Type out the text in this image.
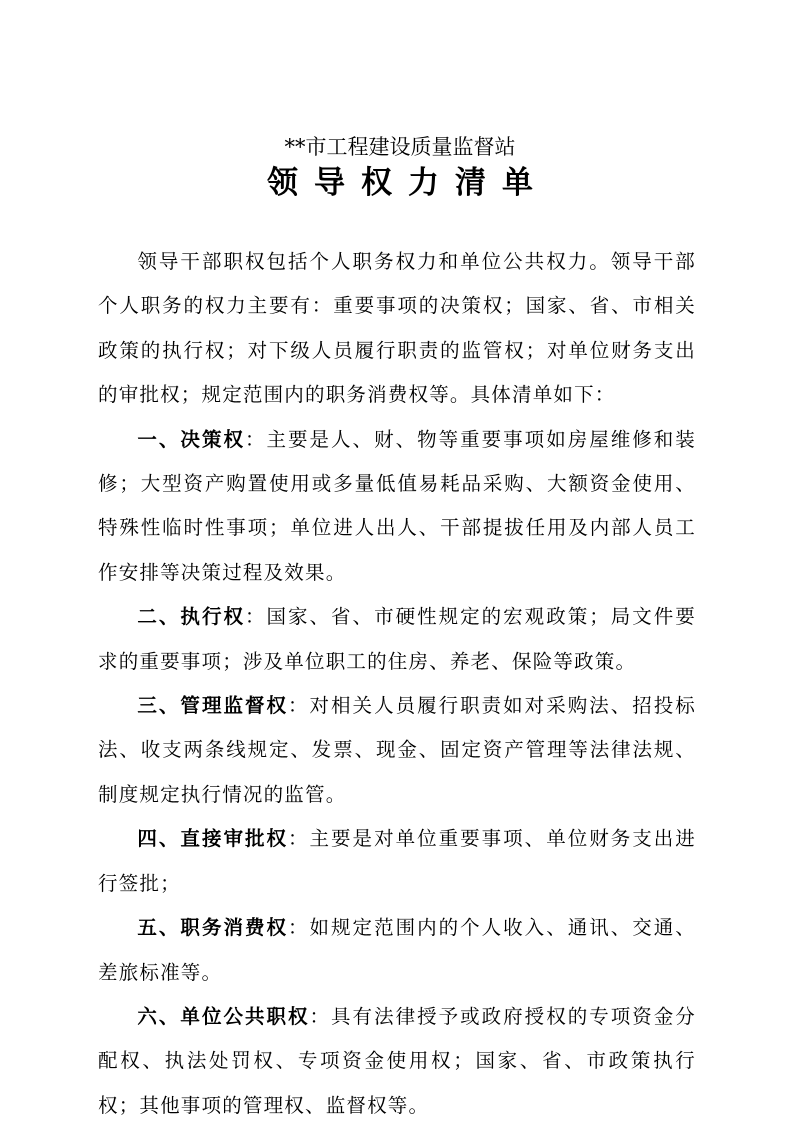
**市工程建设质量监督站
领导权力清单

领导干部职权包括个人职务权力和单位公共权力。领导干部个人职务的权力主要有：重要事项的决策权；国家、省、市相关政策的执行权；对下级人员履行职责的监管权；对单位财务支出的审批权；规定范围内的职务消费权等。具体清单如下：

一、决策权：主要是人、财、物等重要事项如房屋维修和装修；大型资产购置使用或多量低值易耗品采购、大额资金使用、特殊性临时性事项；单位进人出人、干部提拔任用及内部人员工作安排等决策过程及效果。

二、执行权：国家、省、市硬性规定的宏观政策；局文件要求的重要事项；涉及单位职工的住房、养老、保险等政策。

三、管理监督权：对相关人员履行职责如对采购法、招投标法、收支两条线规定、发票、现金、固定资产管理等法律法规、制度规定执行情况的监管。

四、直接审批权：主要是对单位重要事项、单位财务支出进行签批；

五、职务消费权：如规定范围内的个人收入、通讯、交通、差旅标准等。

六、单位公共职权：具有法律授予或政府授权的专项资金分配权、执法处罚权、专项资金使用权；国家、省、市政策执行权；其他事项的管理权、监督权等。
